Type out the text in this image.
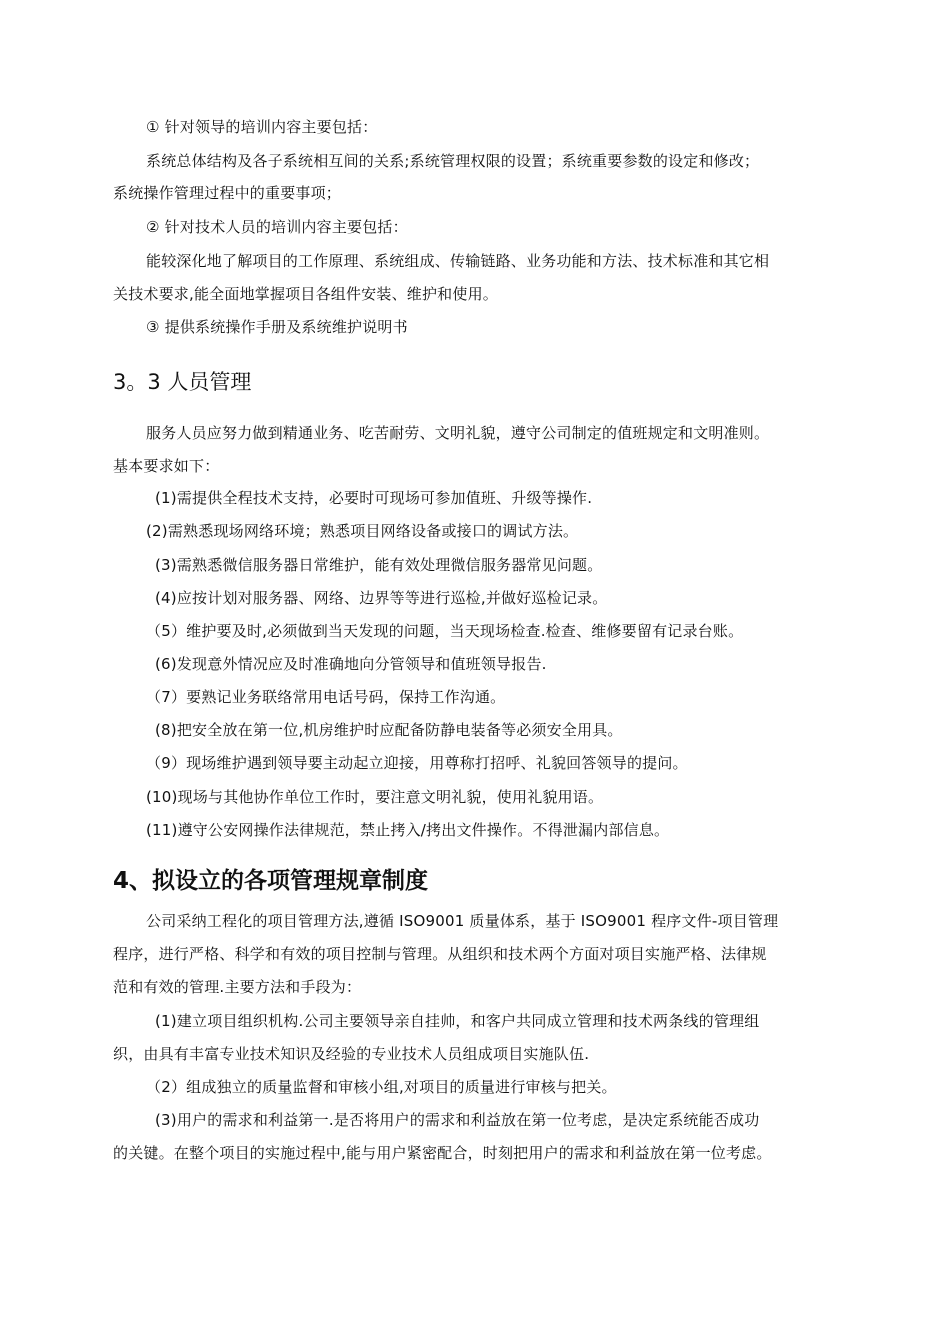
① 针对领导的培训内容主要包括：
系统总体结构及各子系统相互间的关系;系统管理权限的设置；系统重要参数的设定和修改；
系统操作管理过程中的重要事项；
② 针对技术人员的培训内容主要包括：
能较深化地了解项目的工作原理、系统组成、传输链路、业务功能和方法、技术标准和其它相
关技术要求,能全面地掌握项目各组件安装、维护和使用。
③ 提供系统操作手册及系统维护说明书
3。3 人员管理
服务人员应努力做到精通业务、吃苦耐劳、文明礼貌，遵守公司制定的值班规定和文明准则。
基本要求如下：
(1)需提供全程技术支持，必要时可现场可参加值班、升级等操作.
(2)需熟悉现场网络环境；熟悉项目网络设备或接口的调试方法。
(3)需熟悉微信服务器日常维护，能有效处理微信服务器常见问题。
(4)应按计划对服务器、网络、边界等等进行巡检,并做好巡检记录。
（5）维护要及时,必须做到当天发现的问题，当天现场检查.检查、维修要留有记录台账。
(6)发现意外情况应及时准确地向分管领导和值班领导报告.
（7）要熟记业务联络常用电话号码，保持工作沟通。
(8)把安全放在第一位,机房维护时应配备防静电装备等必须安全用具。
（9）现场维护遇到领导要主动起立迎接，用尊称打招呼、礼貌回答领导的提问。
(10)现场与其他协作单位工作时，要注意文明礼貌，使用礼貌用语。
(11)遵守公安网操作法律规范，禁止拷入/拷出文件操作。不得泄漏内部信息。
4、拟设立的各项管理规章制度
公司采纳工程化的项目管理方法,遵循 ISO9001 质量体系，基于 ISO9001 程序文件-项目管理
程序，进行严格、科学和有效的项目控制与管理。从组织和技术两个方面对项目实施严格、法律规
范和有效的管理.主要方法和手段为：
(1)建立项目组织机构.公司主要领导亲自挂帅，和客户共同成立管理和技术两条线的管理组
织，由具有丰富专业技术知识及经验的专业技术人员组成项目实施队伍.
（2）组成独立的质量监督和审核小组,对项目的质量进行审核与把关。
(3)用户的需求和利益第一.是否将用户的需求和利益放在第一位考虑，是决定系统能否成功
的关键。在整个项目的实施过程中,能与用户紧密配合，时刻把用户的需求和利益放在第一位考虑。
